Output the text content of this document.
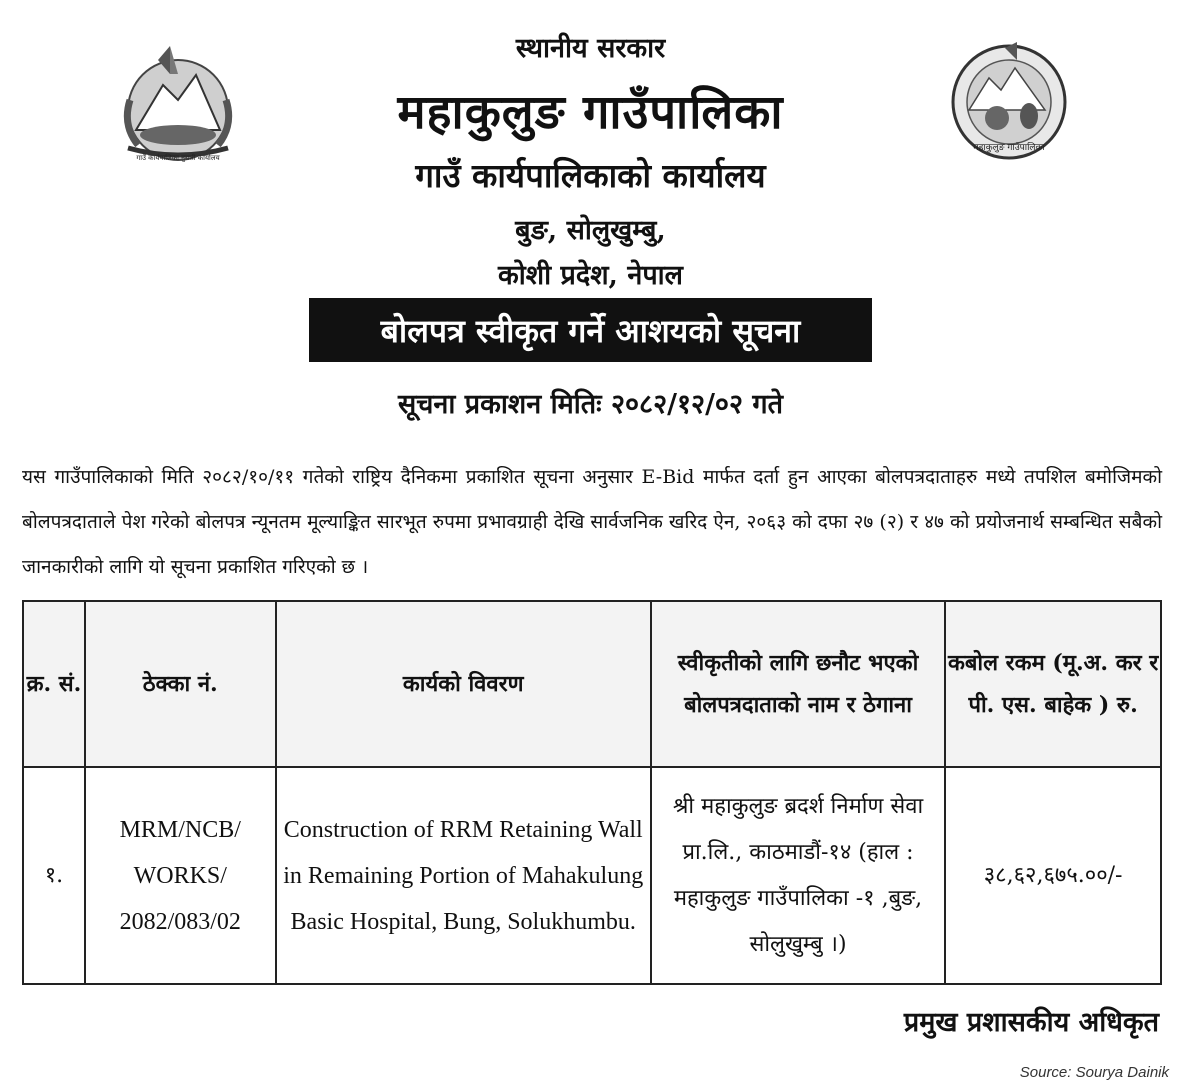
गाउँ कार्यपालिका नुराती कार्यालय
महाकुलुङ गाउँपालिका
स्थानीय सरकार
महाकुलुङ गाउँपालिका
गाउँ कार्यपालिकाको कार्यालय
बुङ, सोलुखुम्बु,
कोशी प्रदेश, नेपाल
बोलपत्र स्वीकृत गर्ने आशयको सूचना
सूचना प्रकाशन मितिः २०८२/१२/०२ गते

यस गाउँपालिकाको मिति २०८२/१०/११ गतेको राष्ट्रिय दैनिकमा प्रकाशित सूचना अनुसार E-Bid मार्फत दर्ता हुन आएका बोलपत्रदाताहरु मध्ये तपशिल बमोजिमको बोलपत्रदाताले पेश गरेको बोलपत्र न्यूनतम मूल्याङ्कित सारभूत रुपमा प्रभावग्राही देखि सार्वजनिक खरिद ऐन, २०६३ को दफा २७ (२) र ४७ को प्रयोजनार्थ सम्बन्धित सबैको जानकारीको लागि यो सूचना प्रकाशित गरिएको छ ।

क्र. सं.	ठेक्का नं.	कार्यको विवरण	स्वीकृतीको लागि छनौट भएको बोलपत्रदाताको नाम र ठेगाना	कबोल रकम (मू.अ. कर र पी. एस. बाहेक ) रु.
१.	MRM/NCB/ WORKS/ 2082/083/02	Construction of RRM Retaining Wall in Remaining Portion of Mahakulung Basic Hospital, Bung, Solukhumbu.	श्री महाकुलुङ ब्रदर्श निर्माण सेवा प्रा.लि., काठमाडौं-१४ (हाल : महाकुलुङ गाउँपालिका -१ ,बुङ, सोलुखुम्बु ।)	३८,६२,६७५.००/-
प्रमुख प्रशासकीय अधिकृत
Source: Sourya Dainik
